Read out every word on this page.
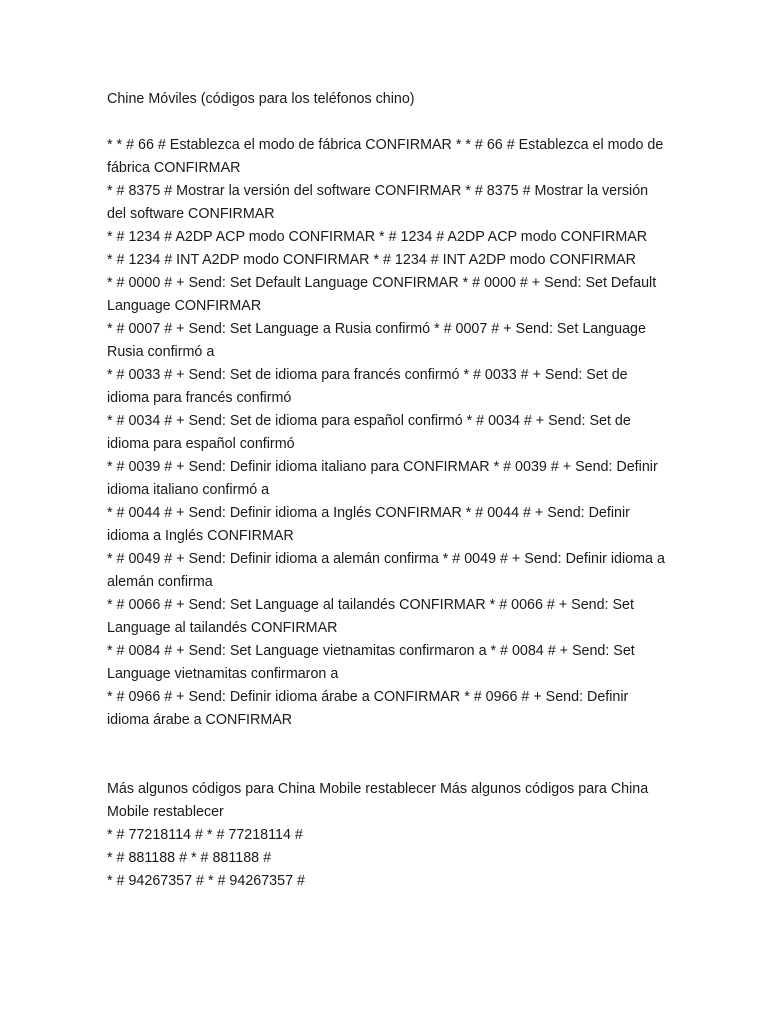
Chine Móviles (códigos para los teléfonos chino)

* * # 66 # Establezca el modo de fábrica CONFIRMAR * * # 66 # Establezca el modo de fábrica CONFIRMAR

* # 8375 # Mostrar la versión del software CONFIRMAR * # 8375 # Mostrar la versión del software CONFIRMAR

* # 1234 # A2DP ACP modo CONFIRMAR * # 1234 # A2DP ACP modo CONFIRMAR

* # 1234 # INT A2DP modo CONFIRMAR * # 1234 # INT A2DP modo CONFIRMAR

* # 0000 # + Send: Set Default Language CONFIRMAR * # 0000 # + Send: Set Default Language CONFIRMAR

* # 0007 # + Send: Set Language a Rusia confirmó * # 0007 # + Send: Set Language Rusia confirmó a

* # 0033 # + Send: Set de idioma para francés confirmó * # 0033 # + Send: Set de idioma para francés confirmó

* # 0034 # + Send: Set de idioma para español confirmó * # 0034 # + Send: Set de idioma para español confirmó

* # 0039 # + Send: Definir idioma italiano para CONFIRMAR * # 0039 # + Send: Definir idioma italiano confirmó a

* # 0044 # + Send: Definir idioma a Inglés CONFIRMAR * # 0044 # + Send: Definir idioma a Inglés CONFIRMAR

* # 0049 # + Send: Definir idioma a alemán confirma * # 0049 # + Send: Definir idioma a alemán confirma

* # 0066 # + Send: Set Language al tailandés CONFIRMAR * # 0066 # + Send: Set Language al tailandés CONFIRMAR

* # 0084 # + Send: Set Language vietnamitas confirmaron a * # 0084 # + Send: Set Language vietnamitas confirmaron a

* # 0966 # + Send: Definir idioma árabe a CONFIRMAR * # 0966 # + Send: Definir idioma árabe a CONFIRMAR

Más algunos códigos para China Mobile restablecer Más algunos códigos para China Mobile restablecer

* # 77218114 # * # 77218114 #

* # 881188 # * # 881188 #

* # 94267357 # * # 94267357 #
